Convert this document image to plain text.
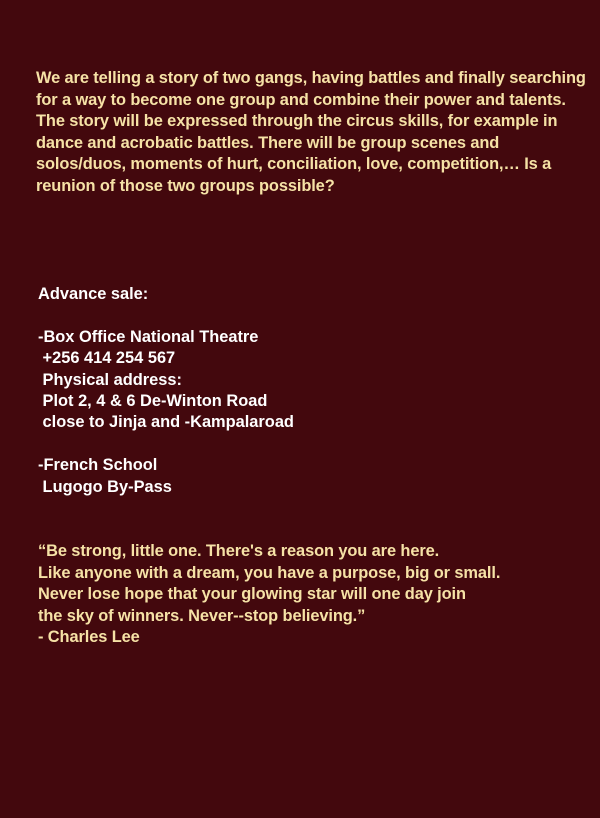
We are telling a story of two gangs, having battles and finally searching for a way to become one group and combine their power and talents. The story will be expressed through the circus skills, for example in dance and acrobatic battles. There will be group scenes and solos/duos, moments of hurt, conciliation, love, competition,… Is a reunion of those two groups possible?

Advance sale:

-Box Office National Theatre
+256 414 254 567
Physical address:
Plot 2, 4 & 6 De-Winton Road
close to Jinja and -Kampalaroad

-French School
Lugogo By-Pass
“Be strong, little one. There's a reason you are here.
Like anyone with a dream, you have a purpose, big or small.
Never lose hope that your glowing star will one day join
the sky of winners. Never--stop believing.”
- Charles Lee
